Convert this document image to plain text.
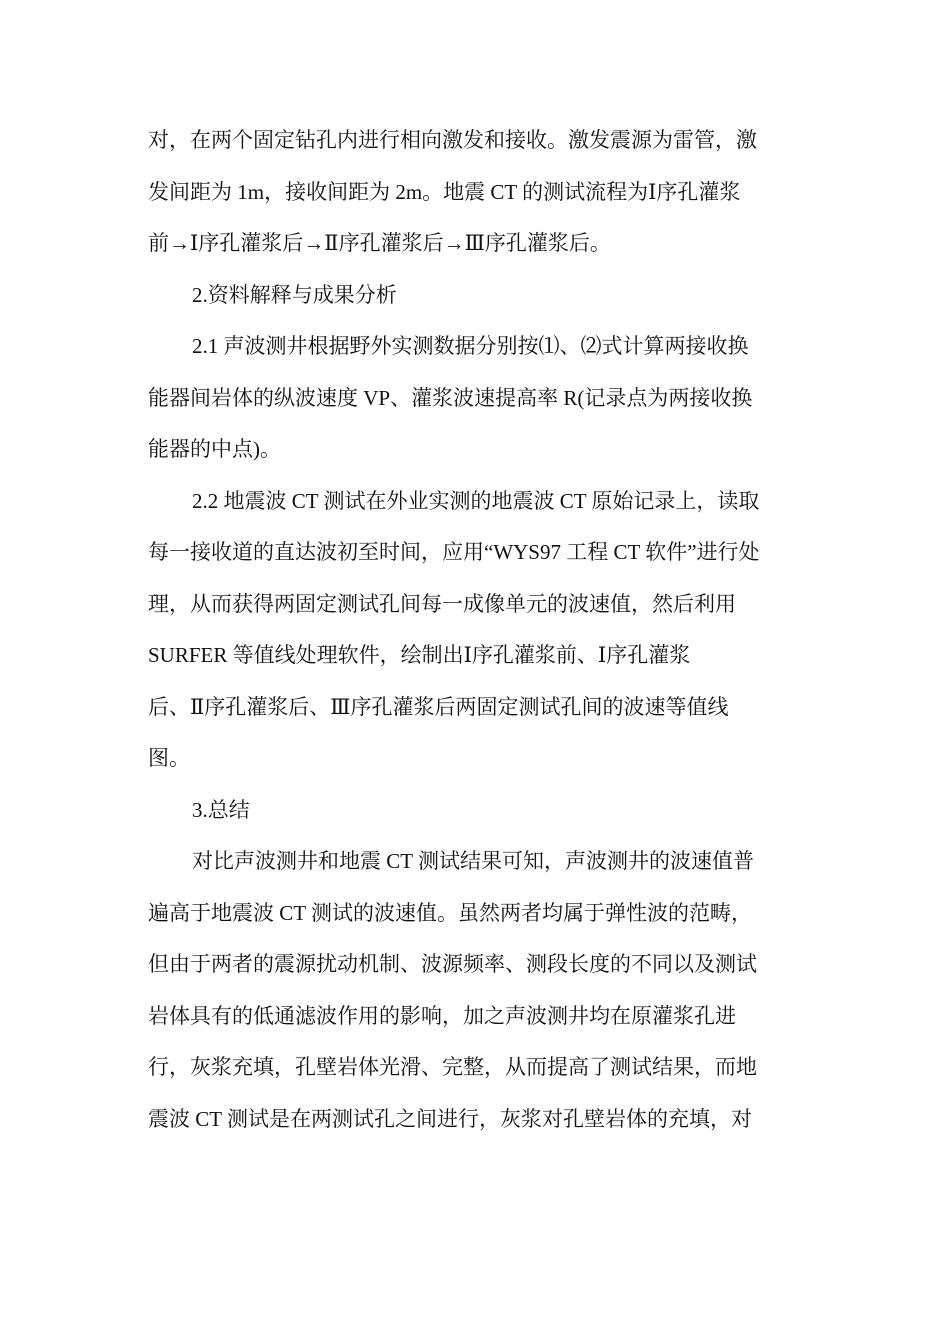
对，在两个固定钻孔内进行相向激发和接收。激发震源为雷管，激
发间距为 1m，接收间距为 2m。地震 CT 的测试流程为Ⅰ序孔灌浆
前→Ⅰ序孔灌浆后→Ⅱ序孔灌浆后→Ⅲ序孔灌浆后。
2.资料解释与成果分析
2.1 声波测井根据野外实测数据分别按⑴、⑵式计算两接收换
能器间岩体的纵波速度 VP、灌浆波速提高率 R(记录点为两接收换
能器的中点)。
2.2 地震波 CT 测试在外业实测的地震波 CT 原始记录上，读取
每一接收道的直达波初至时间，应用“WYS97 工程 CT 软件”进行处
理，从而获得两固定测试孔间每一成像单元的波速值，然后利用
SURFER 等值线处理软件，绘制出Ⅰ序孔灌浆前、Ⅰ序孔灌浆
后、Ⅱ序孔灌浆后、Ⅲ序孔灌浆后两固定测试孔间的波速等值线
图。
3.总结
对比声波测井和地震 CT 测试结果可知，声波测井的波速值普
遍高于地震波 CT 测试的波速值。虽然两者均属于弹性波的范畴，
但由于两者的震源扰动机制、波源频率、测段长度的不同以及测试
岩体具有的低通滤波作用的影响，加之声波测井均在原灌浆孔进
行，灰浆充填，孔壁岩体光滑、完整，从而提高了测试结果，而地
震波 CT 测试是在两测试孔之间进行，灰浆对孔壁岩体的充填，对
